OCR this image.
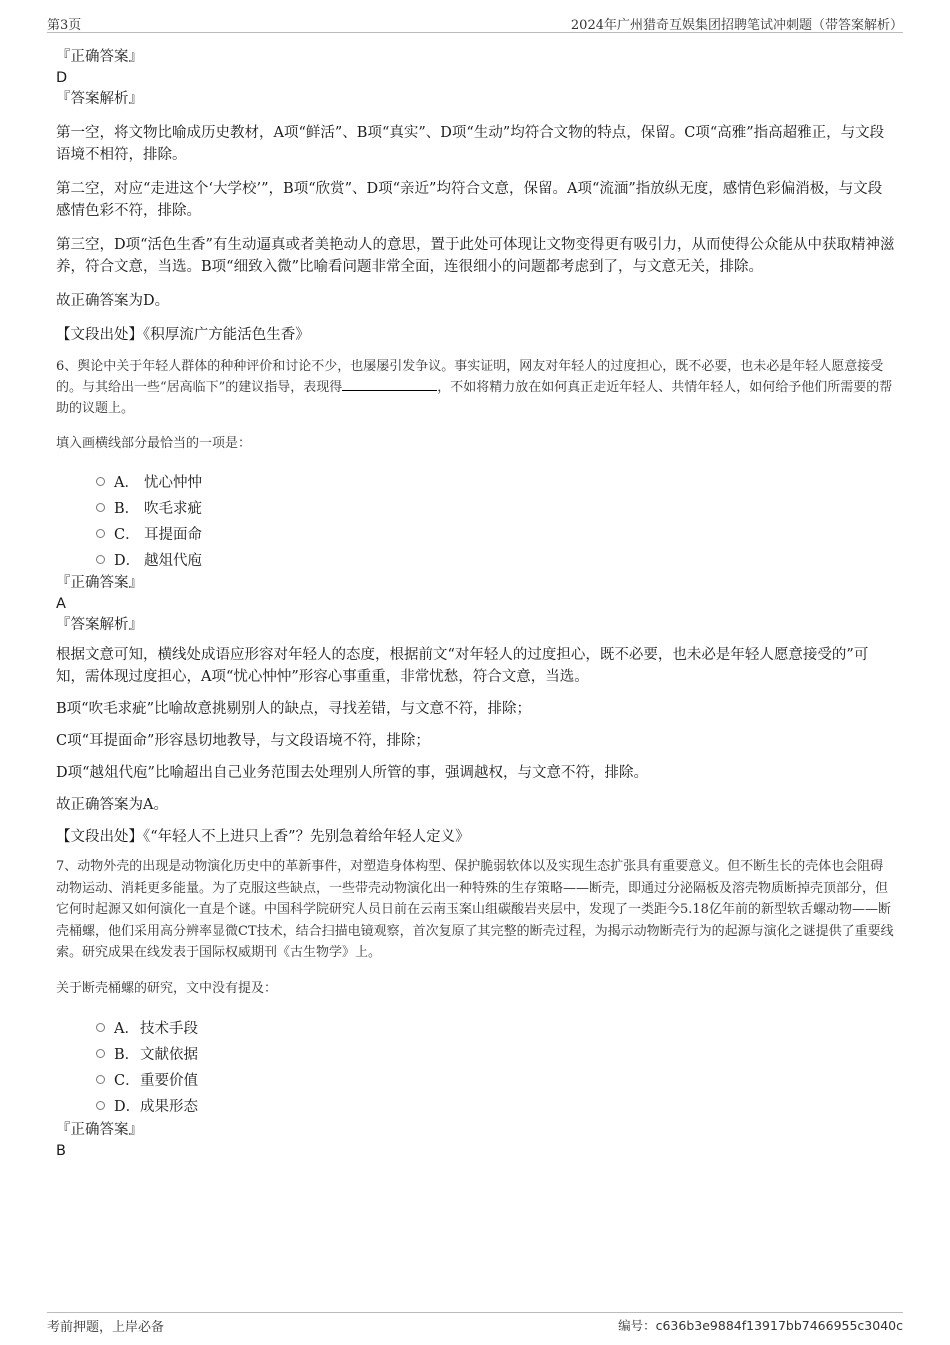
第3页	2024年广州猎奇互娱集团招聘笔试冲刺题（带答案解析）
『正确答案』
D
『答案解析』

第一空，将文物比喻成历史教材，A项“鲜活”、B项“真实”、D项“生动”均符合文物的特点，保留。C项“高雅”指高超雅正，与文段语境不相符，排除。

第二空，对应“走进这个‘大学校’”，B项“欣赏”、D项“亲近”均符合文意，保留。A项“流湎”指放纵无度，感情色彩偏消极，与文段感情色彩不符，排除。

第三空，D项“活色生香”有生动逼真或者美艳动人的意思，置于此处可体现让文物变得更有吸引力，从而使得公众能从中获取精神滋养，符合文意，当选。B项“细致入微”比喻看问题非常全面，连很细小的问题都考虑到了，与文意无关，排除。

故正确答案为D。

【文段出处】《积厚流广方能活色生香》

6、舆论中关于年轻人群体的种种评价和讨论不少，也屡屡引发争议。事实证明，网友对年轻人的过度担心，既不必要，也未必是年轻人愿意接受的。与其给出一些“居高临下”的建议指导，表现得	，不如将精力放在如何真正走近年轻人、共情年轻人，如何给予他们所需要的帮助的议题上。

填入画横线部分最恰当的一项是：

A． 忧心忡忡
B． 吹毛求疵
C． 耳提面命
D． 越俎代庖
『正确答案』
A
『答案解析』

根据文意可知，横线处成语应形容对年轻人的态度，根据前文“对年轻人的过度担心，既不必要，也未必是年轻人愿意接受的”可知，需体现过度担心，A项“忧心忡忡”形容心事重重，非常忧愁，符合文意，当选。

B项“吹毛求疵”比喻故意挑剔别人的缺点，寻找差错，与文意不符，排除；

C项“耳提面命”形容恳切地教导，与文段语境不符，排除；

D项“越俎代庖”比喻超出自己业务范围去处理别人所管的事，强调越权，与文意不符，排除。

故正确答案为A。

【文段出处】《“年轻人不上进只上香”？先别急着给年轻人定义》

7、动物外壳的出现是动物演化历史中的革新事件，对塑造身体构型、保护脆弱软体以及实现生态扩张具有重要意义。但不断生长的壳体也会阻碍动物运动、消耗更多能量。为了克服这些缺点，一些带壳动物演化出一种特殊的生存策略——断壳，即通过分泌隔板及溶壳物质断掉壳顶部分，但它何时起源又如何演化一直是个谜。中国科学院研究人员日前在云南玉案山组碳酸岩夹层中，发现了一类距今5.18亿年前的新型软舌螺动物——断壳桶螺，他们采用高分辨率显微CT技术，结合扫描电镜观察，首次复原了其完整的断壳过程，为揭示动物断壳行为的起源与演化之谜提供了重要线索。研究成果在线发表于国际权威期刊《古生物学》上。

关于断壳桶螺的研究，文中没有提及：

A． 技术手段
B． 文献依据
C． 重要价值
D． 成果形态
『正确答案』
B
考前押题，上岸必备	编号：c636b3e9884f13917bb7466955c3040c
